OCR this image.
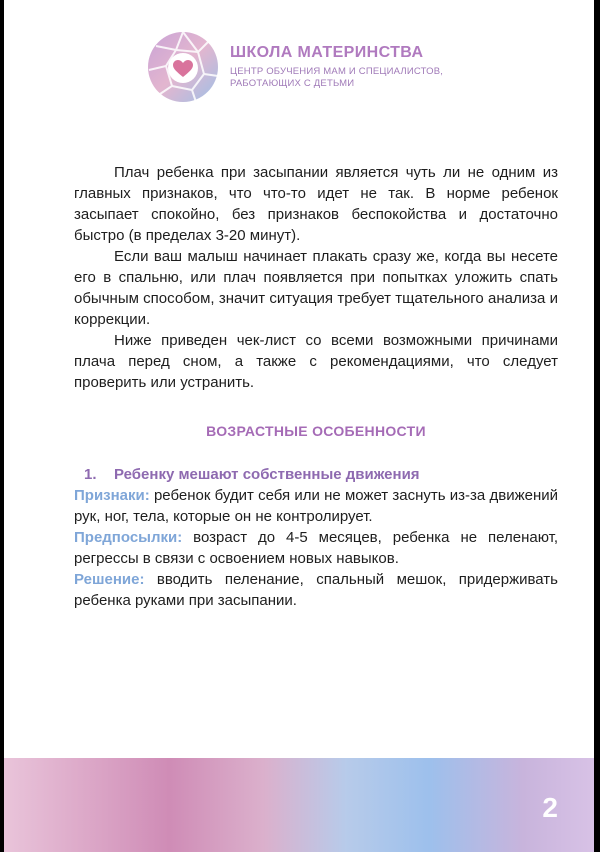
ШКОЛА МАТЕРИНСТВА
ЦЕНТР ОБУЧЕНИЯ МАМ И СПЕЦИАЛИСТОВ, РАБОТАЮЩИХ С ДЕТЬМИ

Плач ребенка при засыпании является чуть ли не одним из главных признаков, что что-то идет не так. В норме ребенок засыпает спокойно, без признаков беспокойства и достаточно быстро (в пределах 3-20 минут).

Если ваш малыш начинает плакать сразу же, когда вы несете его в спальню, или плач появляется при попытках уложить спать обычным способом, значит ситуация требует тщательного анализа и коррекции.

Ниже приведен чек-лист со всеми возможными причинами плача перед сном, а также с рекомендациями, что следует проверить или устранить.

ВОЗРАСТНЫЕ ОСОБЕННОСТИ
1. Ребенку мешают собственные движения

Признаки: ребенок будит себя или не может заснуть из-за движений рук, ног, тела, которые он не контролирует.

Предпосылки: возраст до 4-5 месяцев, ребенка не пеленают, регрессы в связи с освоением новых навыков.

Решение: вводить пеленание, спальный мешок, придерживать ребенка руками при засыпании.

2
